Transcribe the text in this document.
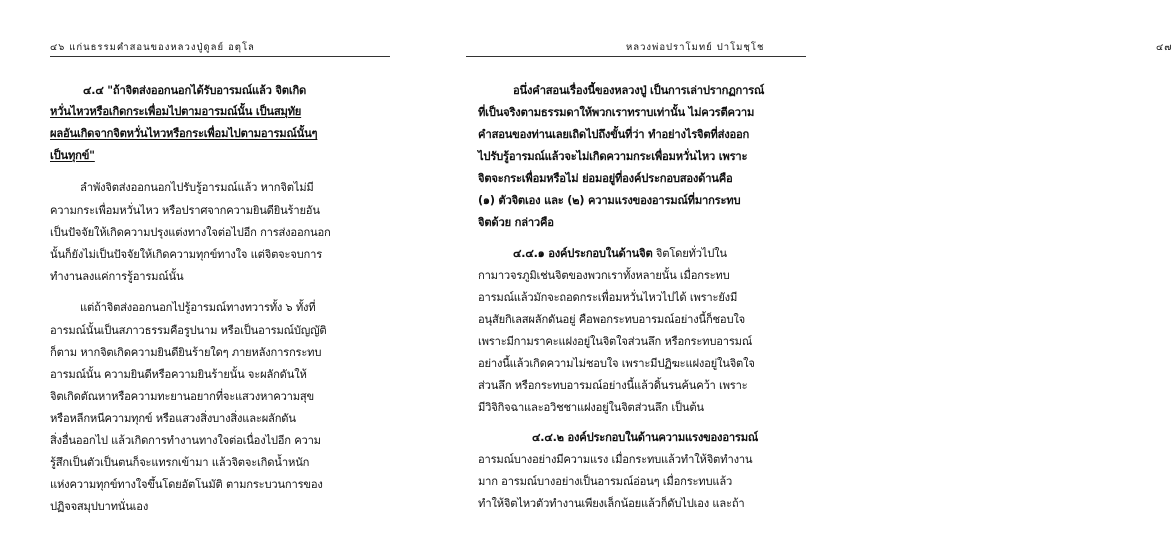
๔๖ แก่นธรรมคำสอนของหลวงปู่ดูลย์ อตุโล
๔.๔ "ถ้าจิตส่งออกนอกได้รับอารมณ์แล้ว จิตเกิด
หวั่นไหวหรือเกิดกระเพื่อมไปตามอารมณ์นั้น เป็นสมุทัย
ผลอันเกิดจากจิตหวั่นไหวหรือกระเพื่อมไปตามอารมณ์นั้นๆ
เป็นทุกข์"
ลำพังจิตส่งออกนอกไปรับรู้อารมณ์แล้ว หากจิตไม่มี
ความกระเพื่อมหวั่นไหว หรือปราศจากความยินดียินร้ายอัน
เป็นปัจจัยให้เกิดความปรุงแต่งทางใจต่อไปอีก การส่งออกนอก
นั้นก็ยังไม่เป็นปัจจัยให้เกิดความทุกข์ทางใจ แต่จิตจะจบการ
ทำงานลงแค่การรู้อารมณ์นั้น
แต่ถ้าจิตส่งออกนอกไปรู้อารมณ์ทางทวารทั้ง ๖ ทั้งที่
อารมณ์นั้นเป็นสภาวธรรมคือรูปนาม หรือเป็นอารมณ์บัญญัติ
ก็ตาม หากจิตเกิดความยินดียินร้ายใดๆ ภายหลังการกระทบ
อารมณ์นั้น ความยินดีหรือความยินร้ายนั้น จะผลักดันให้
จิตเกิดตัณหาหรือความทะยานอยากที่จะแสวงหาความสุข
หรือหลีกหนีความทุกข์ หรือแสวงสิ่งบางสิ่งและผลักดัน
สิ่งอื่นออกไป แล้วเกิดการทำงานทางใจต่อเนื่องไปอีก ความ
รู้สึกเป็นตัวเป็นตนก็จะแทรกเข้ามา แล้วจิตจะเกิดน้ำหนัก
แห่งความทุกข์ทางใจขึ้นโดยอัตโนมัติ ตามกระบวนการของ
ปฏิจจสมุปบาทนั่นเอง
หลวงพ่อปราโมทย์ ปาโมชฺโช	๔๗
อนึ่งคำสอนเรื่องนี้ของหลวงปู่ เป็นการเล่าปรากฏการณ์
ที่เป็นจริงตามธรรมดาให้พวกเราทราบเท่านั้น ไม่ควรตีความ
คำสอนของท่านเลยเถิดไปถึงขั้นที่ว่า ทำอย่างไรจิตที่ส่งออก
ไปรับรู้อารมณ์แล้วจะไม่เกิดความกระเพื่อมหวั่นไหว เพราะ
จิตจะกระเพื่อมหรือไม่ ย่อมอยู่ที่องค์ประกอบสองด้านคือ
(๑) ตัวจิตเอง และ (๒) ความแรงของอารมณ์ที่มากระทบ
จิตด้วย กล่าวคือ
๔.๔.๑ องค์ประกอบในด้านจิต จิตโดยทั่วไปใน
กามาวจรภูมิเช่นจิตของพวกเราทั้งหลายนั้น เมื่อกระทบ
อารมณ์แล้วมักจะถอดกระเพื่อมหวั่นไหวไปได้ เพราะยังมี
อนุสัยกิเลสผลักดันอยู่ คือพอกระทบอารมณ์อย่างนี้ก็ชอบใจ
เพราะมีกามราคะแฝงอยู่ในจิตใจส่วนลึก หรือกระทบอารมณ์
อย่างนี้แล้วเกิดความไม่ชอบใจ เพราะมีปฏิฆะแฝงอยู่ในจิตใจ
ส่วนลึก หรือกระทบอารมณ์อย่างนี้แล้วดิ้นรนค้นคว้า เพราะ
มีวิจิกิจฉาและอวิชชาแฝงอยู่ในจิตส่วนลึก เป็นต้น
๔.๔.๒ องค์ประกอบในด้านความแรงของอารมณ์
อารมณ์บางอย่างมีความแรง เมื่อกระทบแล้วทำให้จิตทำงาน
มาก อารมณ์บางอย่างเป็นอารมณ์อ่อนๆ เมื่อกระทบแล้ว
ทำให้จิตไหวตัวทำงานเพียงเล็กน้อยแล้วก็ดับไปเอง และถ้า
